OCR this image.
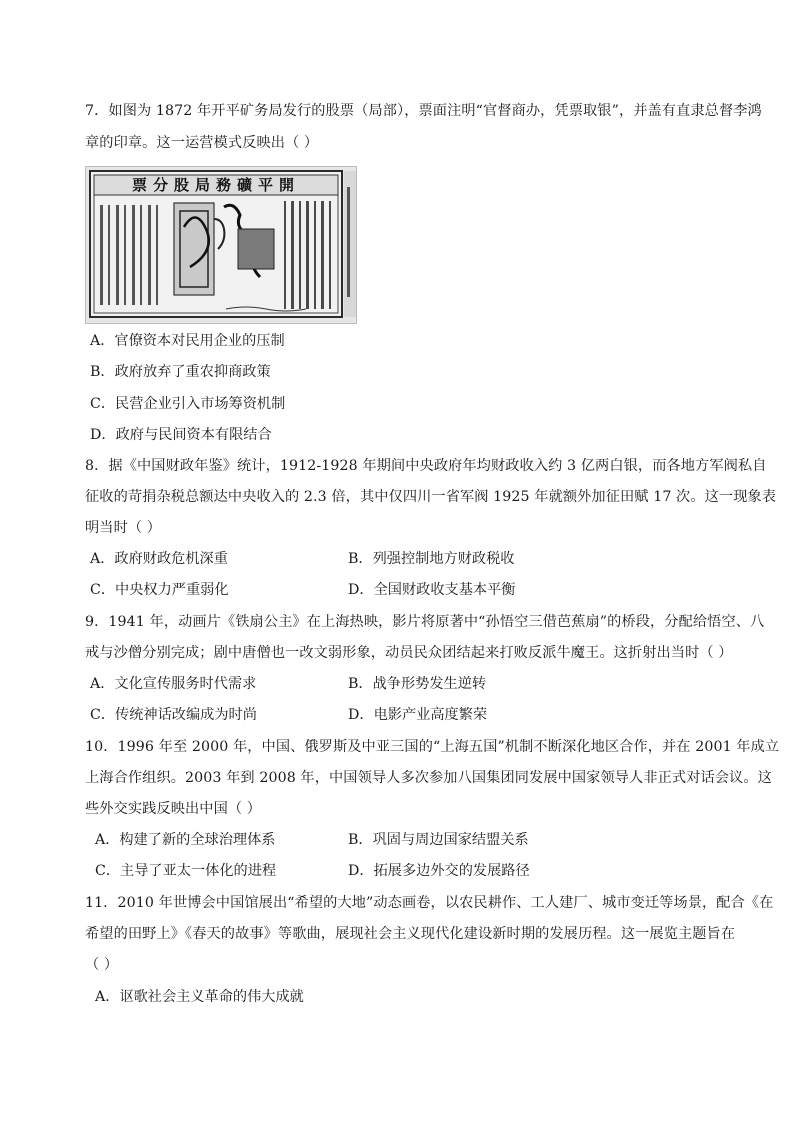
7．如图为 1872 年开平矿务局发行的股票（局部），票面注明“官督商办，凭票取银”，并盖有直隶总督李鸿
章的印章。这一运营模式反映出（ ）
票分股局務礦平開
A．官僚资本对民用企业的压制
B．政府放弃了重农抑商政策
C．民营企业引入市场筹资机制
D．政府与民间资本有限结合
8．据《中国财政年鉴》统计，1912-1928 年期间中央政府年均财政收入约 3 亿两白银，而各地方军阀私自
征收的苛捐杂税总额达中央收入的 2.3 倍，其中仅四川一省军阀 1925 年就额外加征田赋 17 次。这一现象表
明当时（ ）
A．政府财政危机深重	B．列强控制地方财政税收
C．中央权力严重弱化	D．全国财政收支基本平衡
9．1941 年，动画片《铁扇公主》在上海热映，影片将原著中“孙悟空三借芭蕉扇”的桥段，分配给悟空、八
戒与沙僧分别完成；剧中唐僧也一改文弱形象，动员民众团结起来打败反派牛魔王。这折射出当时（ ）
A．文化宣传服务时代需求	B．战争形势发生逆转
C．传统神话改编成为时尚	D．电影产业高度繁荣
10．1996 年至 2000 年，中国、俄罗斯及中亚三国的“上海五国”机制不断深化地区合作，并在 2001 年成立
上海合作组织。2003 年到 2008 年，中国领导人多次参加八国集团同发展中国家领导人非正式对话会议。这
些外交实践反映出中国（ ）
A．构建了新的全球治理体系	B．巩固与周边国家结盟关系
C．主导了亚太一体化的进程	D．拓展多边外交的发展路径
11．2010 年世博会中国馆展出“希望的大地”动态画卷，以农民耕作、工人建厂、城市变迁等场景，配合《在
希望的田野上》《春天的故事》等歌曲，展现社会主义现代化建设新时期的发展历程。这一展览主题旨在
（ ）
A．讴歌社会主义革命的伟大成就
